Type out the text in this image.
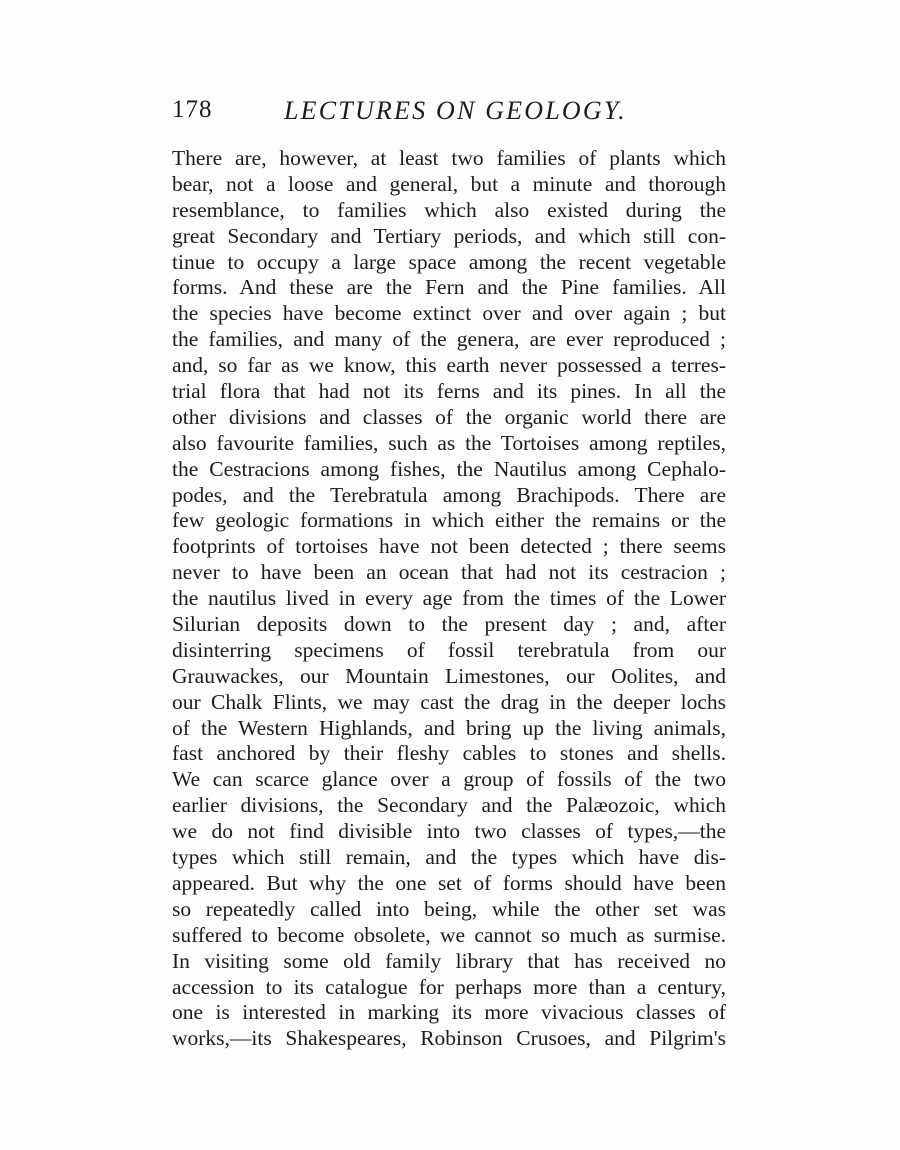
178	LECTURES ON GEOLOGY.
There are, however, at least two families of plants which
bear, not a loose and general, but a minute and thorough
resemblance, to families which also existed during the
great Secondary and Tertiary periods, and which still con-
tinue to occupy a large space among the recent vegetable
forms. And these are the Fern and the Pine families. All
the species have become extinct over and over again ; but
the families, and many of the genera, are ever reproduced ;
and, so far as we know, this earth never possessed a terres-
trial flora that had not its ferns and its pines. In all the
other divisions and classes of the organic world there are
also favourite families, such as the Tortoises among reptiles,
the Cestracions among fishes, the Nautilus among Cephalo-
podes, and the Terebratula among Brachipods. There are
few geologic formations in which either the remains or the
footprints of tortoises have not been detected ; there seems
never to have been an ocean that had not its cestracion ;
the nautilus lived in every age from the times of the Lower
Silurian deposits down to the present day ; and, after
disinterring specimens of fossil terebratula from our
Grauwackes, our Mountain Limestones, our Oolites, and
our Chalk Flints, we may cast the drag in the deeper lochs
of the Western Highlands, and bring up the living animals,
fast anchored by their fleshy cables to stones and shells.
We can scarce glance over a group of fossils of the two
earlier divisions, the Secondary and the Palæozoic, which
we do not find divisible into two classes of types,—the
types which still remain, and the types which have dis-
appeared. But why the one set of forms should have been
so repeatedly called into being, while the other set was
suffered to become obsolete, we cannot so much as surmise.
In visiting some old family library that has received no
accession to its catalogue for perhaps more than a century,
one is interested in marking its more vivacious classes of
works,—its Shakespeares, Robinson Crusoes, and Pilgrim's
